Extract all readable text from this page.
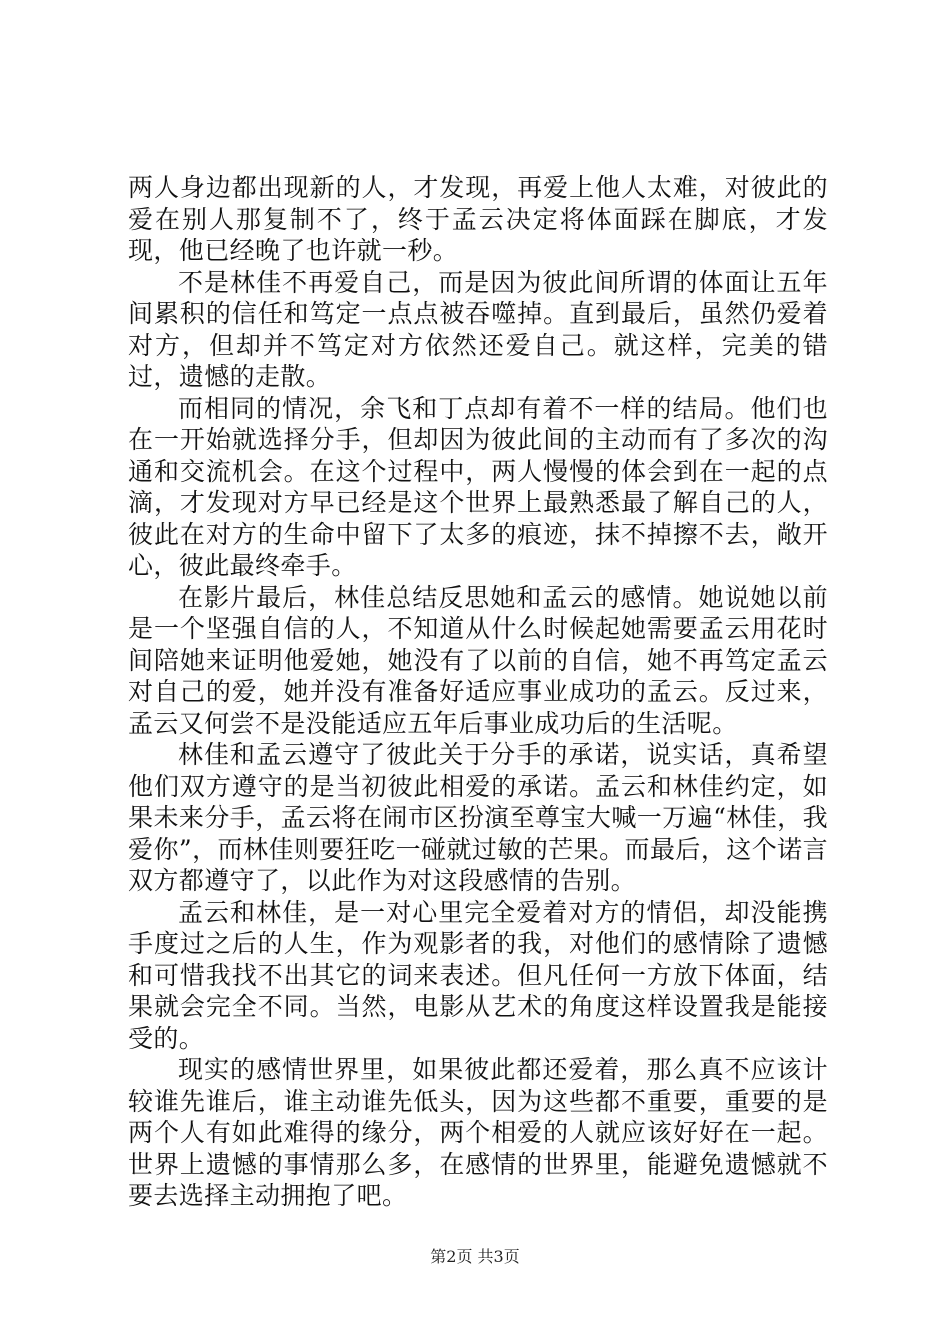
两人身边都出现新的人，才发现，再爱上他人太难，对彼此的爱在别人那复制不了，终于孟云决定将体面踩在脚底，才发现，他已经晚了也许就一秒。

不是林佳不再爱自己，而是因为彼此间所谓的体面让五年间累积的信任和笃定一点点被吞噬掉。直到最后，虽然仍爱着对方，但却并不笃定对方依然还爱自己。就这样，完美的错过，遗憾的走散。

而相同的情况，余飞和丁点却有着不一样的结局。他们也在一开始就选择分手，但却因为彼此间的主动而有了多次的沟通和交流机会。在这个过程中，两人慢慢的体会到在一起的点滴，才发现对方早已经是这个世界上最熟悉最了解自己的人，彼此在对方的生命中留下了太多的痕迹，抹不掉擦不去，敞开心，彼此最终牵手。

在影片最后，林佳总结反思她和孟云的感情。她说她以前是一个坚强自信的人，不知道从什么时候起她需要孟云用花时间陪她来证明他爱她，她没有了以前的自信，她不再笃定孟云对自己的爱，她并没有准备好适应事业成功的孟云。反过来，孟云又何尝不是没能适应五年后事业成功后的生活呢。

林佳和孟云遵守了彼此关于分手的承诺，说实话，真希望他们双方遵守的是当初彼此相爱的承诺。孟云和林佳约定，如果未来分手，孟云将在闹市区扮演至尊宝大喊一万遍“林佳，我爱你”，而林佳则要狂吃一碰就过敏的芒果。而最后，这个诺言双方都遵守了，以此作为对这段感情的告别。

孟云和林佳，是一对心里完全爱着对方的情侣，却没能携手度过之后的人生，作为观影者的我，对他们的感情除了遗憾和可惜我找不出其它的词来表述。但凡任何一方放下体面，结果就会完全不同。当然，电影从艺术的角度这样设置我是能接受的。

现实的感情世界里，如果彼此都还爱着，那么真不应该计较谁先谁后，谁主动谁先低头，因为这些都不重要，重要的是两个人有如此难得的缘分，两个相爱的人就应该好好在一起。世界上遗憾的事情那么多，在感情的世界里，能避免遗憾就不要去选择主动拥抱了吧。

第2页 共3页
